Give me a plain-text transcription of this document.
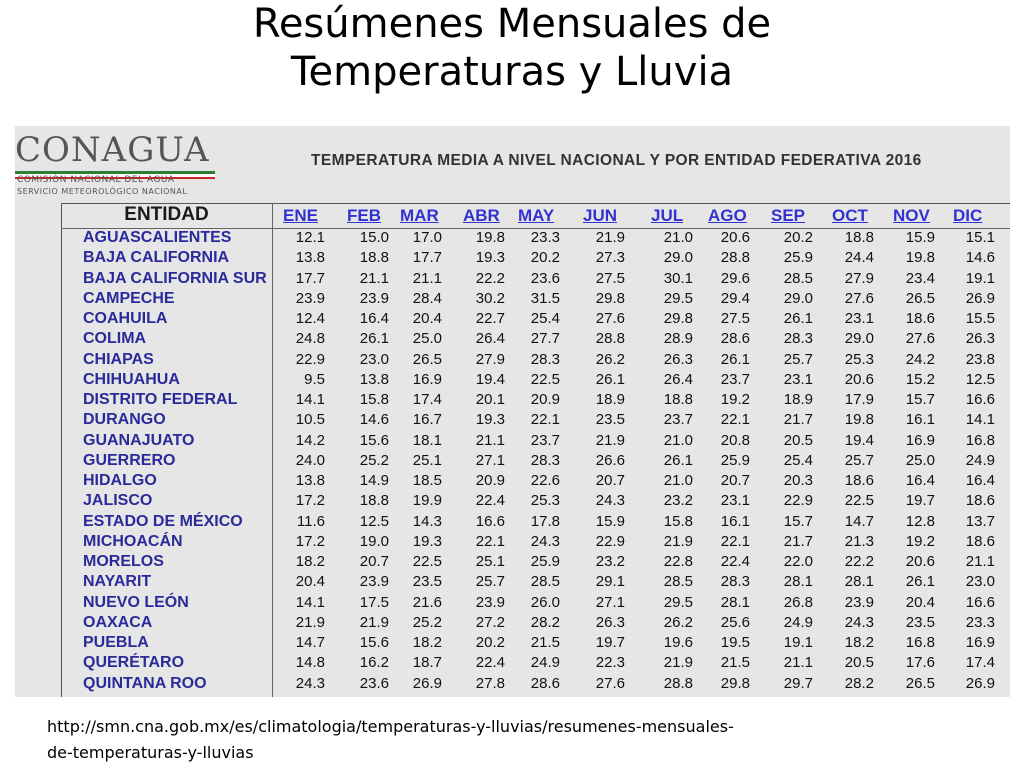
Resúmenes Mensuales de
Temperaturas y Lluvia
CONAGUA
COMISIÓN NACIONAL DEL AGUA
SERVICIO METEOROLÓGICO NACIONAL
TEMPERATURA MEDIA A NIVEL NACIONAL Y POR ENTIDAD FEDERATIVA 2016
ENTIDAD	ENE FEB MAR ABR MAY JUN JUL AGO SEP OCT NOV DIC
AGUASCALIENTES	12.1	15.0	17.0	19.8	23.3	21.9	21.0	20.6	20.2	18.8	15.9	15.1
BAJA CALIFORNIA	13.8	18.8	17.7	19.3	20.2	27.3	29.0	28.8	25.9	24.4	19.8	14.6
BAJA CALIFORNIA SUR	17.7	21.1	21.1	22.2	23.6	27.5	30.1	29.6	28.5	27.9	23.4	19.1
CAMPECHE	23.9	23.9	28.4	30.2	31.5	29.8	29.5	29.4	29.0	27.6	26.5	26.9
COAHUILA	12.4	16.4	20.4	22.7	25.4	27.6	29.8	27.5	26.1	23.1	18.6	15.5
COLIMA	24.8	26.1	25.0	26.4	27.7	28.8	28.9	28.6	28.3	29.0	27.6	26.3
CHIAPAS	22.9	23.0	26.5	27.9	28.3	26.2	26.3	26.1	25.7	25.3	24.2	23.8
CHIHUAHUA	9.5	13.8	16.9	19.4	22.5	26.1	26.4	23.7	23.1	20.6	15.2	12.5
DISTRITO FEDERAL	14.1	15.8	17.4	20.1	20.9	18.9	18.8	19.2	18.9	17.9	15.7	16.6
DURANGO	10.5	14.6	16.7	19.3	22.1	23.5	23.7	22.1	21.7	19.8	16.1	14.1
GUANAJUATO	14.2	15.6	18.1	21.1	23.7	21.9	21.0	20.8	20.5	19.4	16.9	16.8
GUERRERO	24.0	25.2	25.1	27.1	28.3	26.6	26.1	25.9	25.4	25.7	25.0	24.9
HIDALGO	13.8	14.9	18.5	20.9	22.6	20.7	21.0	20.7	20.3	18.6	16.4	16.4
JALISCO	17.2	18.8	19.9	22.4	25.3	24.3	23.2	23.1	22.9	22.5	19.7	18.6
ESTADO DE MÉXICO	11.6	12.5	14.3	16.6	17.8	15.9	15.8	16.1	15.7	14.7	12.8	13.7
MICHOACÁN	17.2	19.0	19.3	22.1	24.3	22.9	21.9	22.1	21.7	21.3	19.2	18.6
MORELOS	18.2	20.7	22.5	25.1	25.9	23.2	22.8	22.4	22.0	22.2	20.6	21.1
NAYARIT	20.4	23.9	23.5	25.7	28.5	29.1	28.5	28.3	28.1	28.1	26.1	23.0
NUEVO LEÓN	14.1	17.5	21.6	23.9	26.0	27.1	29.5	28.1	26.8	23.9	20.4	16.6
OAXACA	21.9	21.9	25.2	27.2	28.2	26.3	26.2	25.6	24.9	24.3	23.5	23.3
PUEBLA	14.7	15.6	18.2	20.2	21.5	19.7	19.6	19.5	19.1	18.2	16.8	16.9
QUERÉTARO	14.8	16.2	18.7	22.4	24.9	22.3	21.9	21.5	21.1	20.5	17.6	17.4
QUINTANA ROO	24.3	23.6	26.9	27.8	28.6	27.6	28.8	29.8	29.7	28.2	26.5	26.9
http://smn.cna.gob.mx/es/climatologia/temperaturas-y-lluvias/resumenes-mensuales-
de-temperaturas-y-lluvias
